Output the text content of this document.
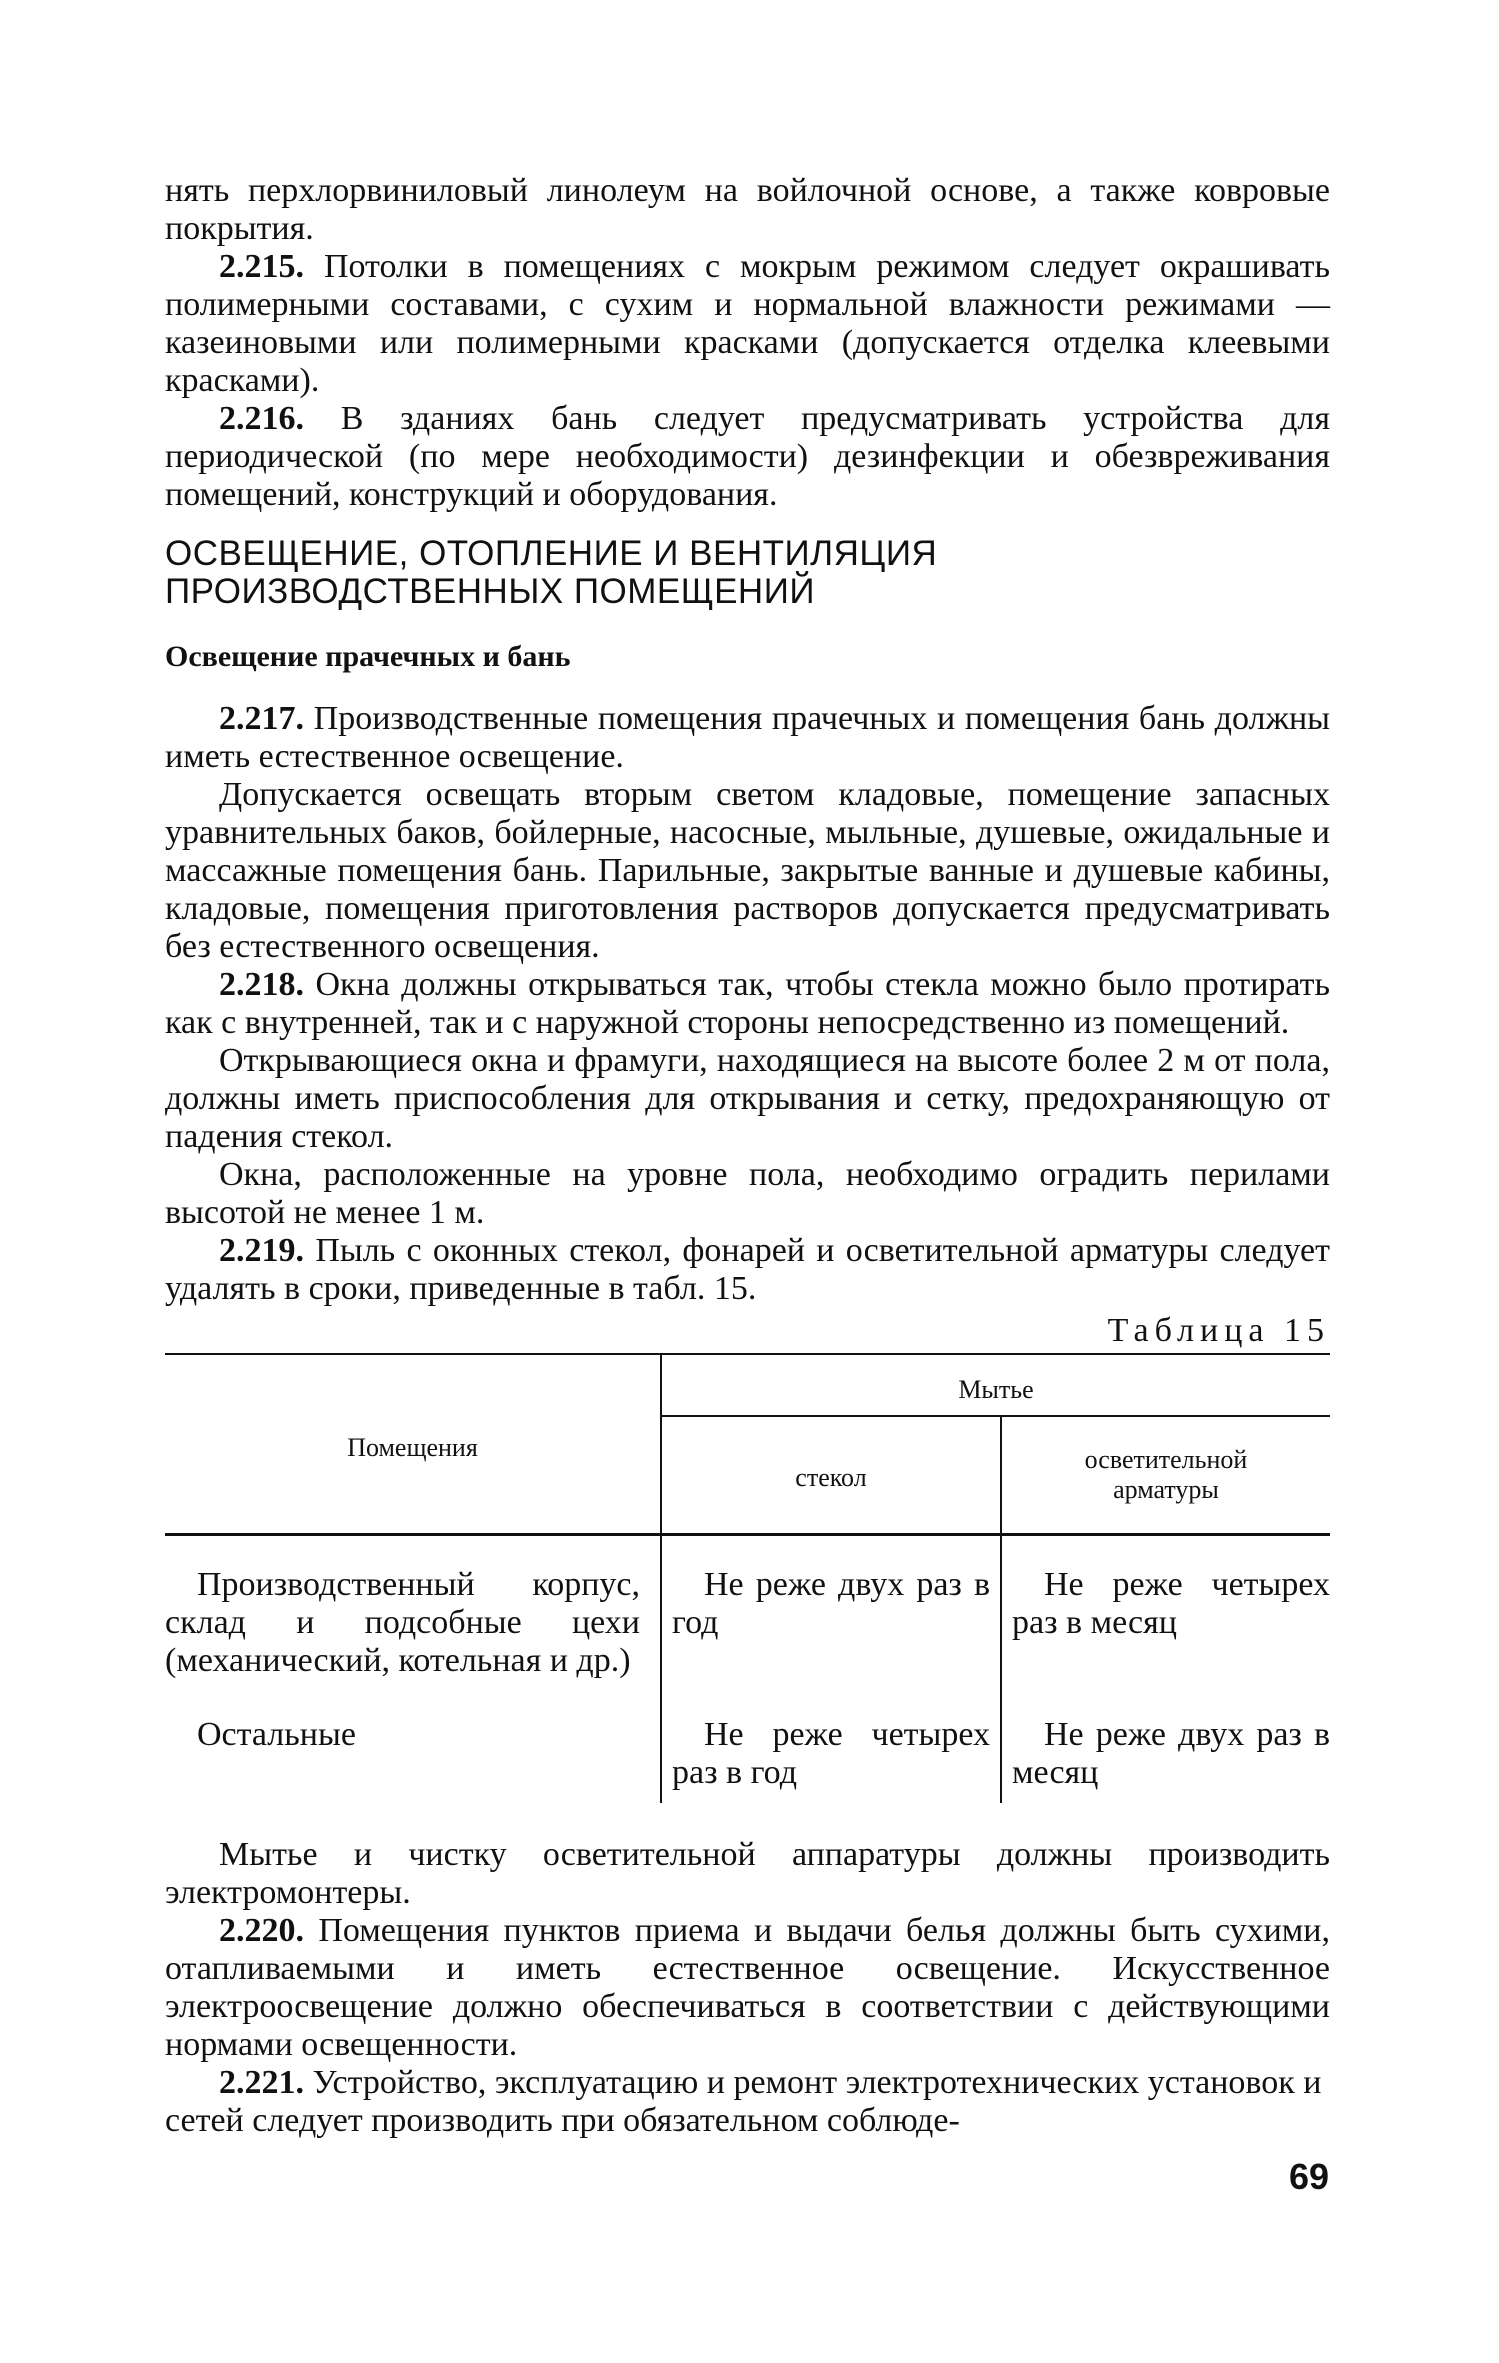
нять перхлорвиниловый линолеум на войлочной основе, а также ковровые покрытия.

2.215. Потолки в помещениях с мокрым режимом следует окрашивать полимерными составами, с сухим и нормальной влажности режимами — казеиновыми или полимерными красками (допускается отделка клеевыми красками).

2.216. В зданиях бань следует предусматривать устройства для периодической (по мере необходимости) дезинфекции и обезвреживания помещений, конструкций и оборудования.

ОСВЕЩЕНИЕ, ОТОПЛЕНИЕ И ВЕНТИЛЯЦИЯ
ПРОИЗВОДСТВЕННЫХ ПОМЕЩЕНИЙ
Освещение прачечных и бань

2.217. Производственные помещения прачечных и помещения бань должны иметь естественное освещение.

Допускается освещать вторым светом кладовые, помещение запасных уравнительных баков, бойлерные, насосные, мыльные, душевые, ожидальные и массажные помещения бань. Парильные, закрытые ванные и душевые кабины, кладовые, помещения приготовления растворов допускается предусматривать без естественного освещения.

2.218. Окна должны открываться так, чтобы стекла можно было протирать как с внутренней, так и с наружной стороны непосредственно из помещений.

Открывающиеся окна и фрамуги, находящиеся на высоте более 2 м от пола, должны иметь приспособления для открывания и сетку, предохраняющую от падения стекол.

Окна, расположенные на уровне пола, необходимо оградить перилами высотой не менее 1 м.

2.219. Пыль с оконных стекол, фонарей и осветительной арматуры следует удалять в сроки, приведенные в табл. 15.

Таблица 15
Помещения
Мытье
стекол
осветительной
арматуры
Производственный корпус, склад и подсобные цехи (механический, котельная и др.)
Не реже двух раз в год
Не реже четырех раз в месяц
Остальные	Не реже четырех раз в год
Не реже двух раз в месяц

Мытье и чистку осветительной аппаратуры должны производить электромонтеры.

2.220. Помещения пунктов приема и выдачи белья должны быть сухими, отапливаемыми и иметь естественное освещение. Искусственное электроосвещение должно обеспечиваться в соответствии с действующими нормами освещенности.

2.221. Устройство, эксплуатацию и ремонт электротехнических установок и сетей следует производить при обязательном соблюде-

69
